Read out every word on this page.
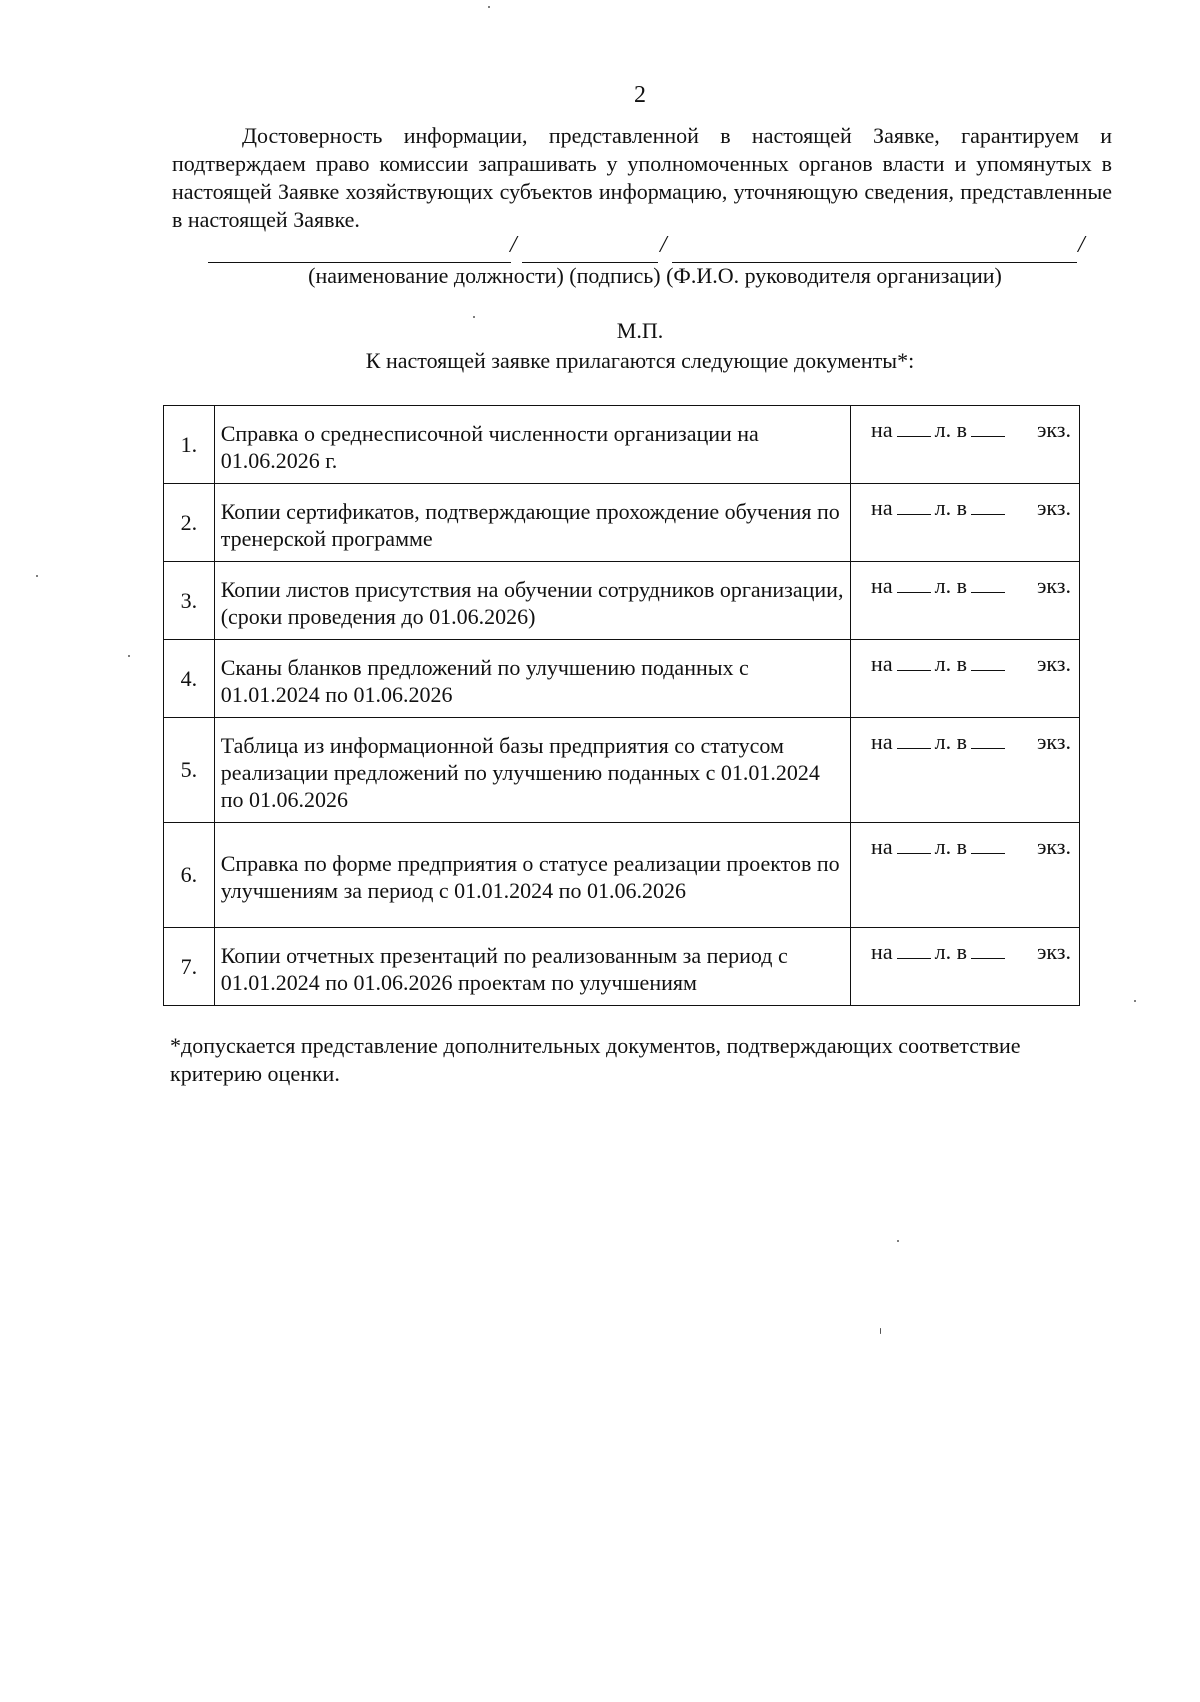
2
Достоверность информации, представленной в настоящей Заявке, гарантируем и подтверждаем право комиссии запрашивать у уполномоченных органов власти и упомянутых в настоящей Заявке хозяйствующих субъектов информацию, уточняющую сведения, представленные в настоящей Заявке.
/	/	/
(наименование должности) (подпись) (Ф.И.О. руководителя организации)
М.П.
К настоящей заявке прилагаются следующие документы*:
1.	Справка о среднесписочной численности организации на 01.06.2026 г.	на л. в экз.
2.	Копии сертификатов, подтверждающие прохождение обучения по тренерской программе	на л. в экз.
3.	Копии листов присутствия на обучении сотрудников организации, (сроки проведения до 01.06.2026)	на л. в экз.
4.	Сканы бланков предложений по улучшению поданных с 01.01.2024 по 01.06.2026	на л. в экз.
5.	Таблица из информационной базы предприятия со статусом реализации предложений по улучшению поданных с 01.01.2024 по 01.06.2026	на л. в экз.
6.	Справка по форме предприятия о статусе реализации проектов по улучшениям за период с 01.01.2024 по 01.06.2026	на л. в экз.
7.	Копии отчетных презентаций по реализованным за период с 01.01.2024 по 01.06.2026 проектам по улучшениям	на л. в экз.
*допускается представление дополнительных документов, подтверждающих соответствие критерию оценки.
